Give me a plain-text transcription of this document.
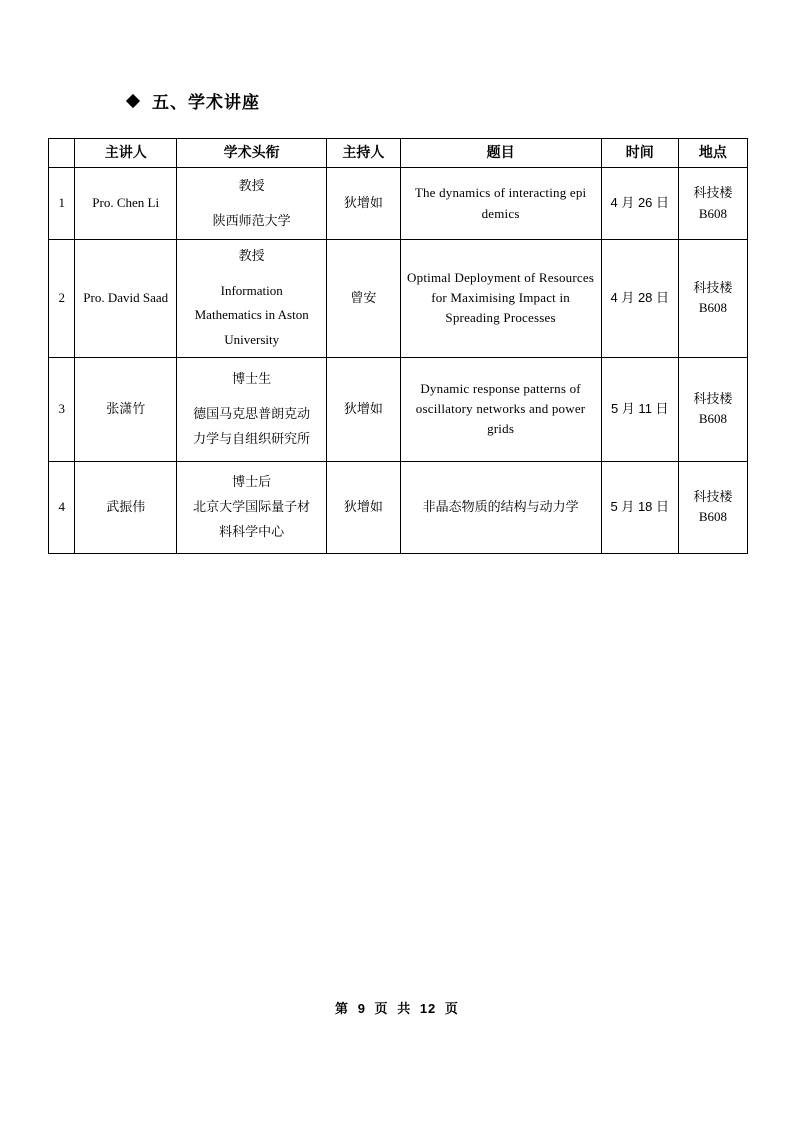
五、学术讲座
	主讲人	学术头衔	主持人	题目	时间	地点
1	Pro. Chen Li	教授
陕西师范大学	狄增如	The dynamics of interacting epi demics	4 月 26 日	科技楼
B608

2	Pro. David Saad	教授
Information
Mathematics in Aston
University	曾安	Optimal Deployment of Resources for Maximising Impact in Spreading Processes	4 月 28 日	科技楼
B608

3	张潇竹	博士生
德国马克思普朗克动
力学与自组织研究所	狄增如	Dynamic response patterns of oscillatory networks and power grids	5 月 11 日	科技楼
B608

4	武振伟	博士后
北京大学国际量子材
料科学中心	狄增如	非晶态物质的结构与动力学	5 月 18 日	科技楼
B608
第 9 页 共 12 页
